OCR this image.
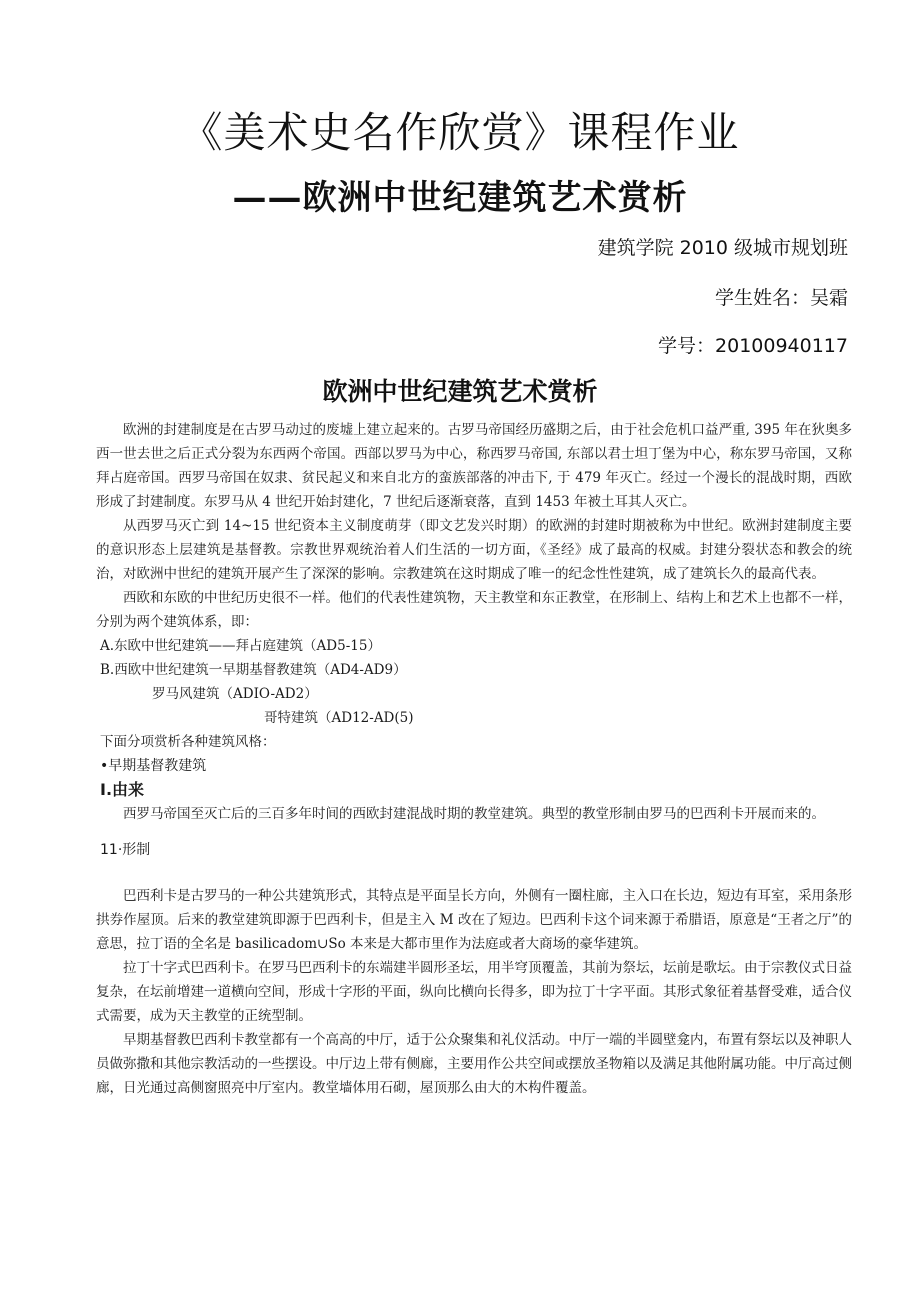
《美术史名作欣赏》课程作业
——欧洲中世纪建筑艺术赏析
建筑学院 2010 级城市规划班
学生姓名：吴霜
学号：20100940117
欧洲中世纪建筑艺术赏析

欧洲的封建制度是在古罗马动过的废墟上建立起来的。古罗马帝国经历盛期之后，由于社会危机口益严重, 395 年在狄奥多西一世去世之后正式分裂为东西两个帝国。西部以罗马为中心，称西罗马帝国, 东部以君士坦丁堡为中心，称东罗马帝国，又称拜占庭帝国。西罗马帝国在奴隶、贫民起义和来自北方的蛮族部落的冲击下, 于 479 年灭亡。经过一个漫长的混战时期，西欧形成了封建制度。东罗马从 4 世纪开始封建化，7 世纪后逐渐衰落，直到 1453 年被土耳其人灭亡。

从西罗马灭亡到 14~15 世纪资本主义制度萌芽（即文艺发兴时期）的欧洲的封建时期被称为中世纪。欧洲封建制度主要的意识形态上层建筑是基督教。宗教世界观统治着人们生活的一切方面，《圣经》成了最高的权威。封建分裂状态和教会的统治，对欧洲中世纪的建筑开展产生了深深的影响。宗教建筑在这时期成了唯一的纪念性性建筑，成了建筑长久的最高代表。

西欧和东欧的中世纪历史很不一样。他们的代表性建筑物，天主教堂和东正教堂，在形制上、结构上和艺术上也都不一样，分别为两个建筑体系，即：

A.东欧中世纪建筑——拜占庭建筑（AD5-15）

B.西欧中世纪建筑一早期基督教建筑（AD4-AD9）

罗马风建筑（ADIO-AD2）

哥特建筑（AD12-AD(5)

下面分项赏析各种建筑风格：

•早期基督教建筑

I.由来

西罗马帝国至灭亡后的三百多年时间的西欧封建混战时期的教堂建筑。典型的教堂形制由罗马的巴西利卡开展而来的。

11·形制

巴西利卡是古罗马的一种公共建筑形式，其特点是平面呈长方向，外侧有一圈柱廊，主入口在长边，短边有耳室，采用条形拱券作屋顶。后来的教堂建筑即源于巴西利卡，但是主入 M 改在了短边。巴西利卡这个词来源于希腊语，原意是“王者之厅”的意思，拉丁语的全名是 basilicadom∪So 本来是大都市里作为法庭或者大商场的豪华建筑。

拉丁十字式巴西利卡。在罗马巴西利卡的东端建半圆形圣坛，用半穹顶覆盖，其前为祭坛，坛前是歌坛。由于宗教仪式日益复杂，在坛前增建一道横向空间，形成十字形的平面，纵向比横向长得多，即为拉丁十字平面。其形式象征着基督受难，适合仪式需要，成为天主教堂的正统型制。

早期基督教巴西利卡教堂都有一个高高的中厅，适于公众聚集和礼仪活动。中厅一端的半圆壁龛内，布置有祭坛以及神职人员做弥撒和其他宗教活动的一些摆设。中厅边上带有侧廊，主要用作公共空间或摆放圣物箱以及满足其他附属功能。中厅高过侧廊，日光通过高侧窗照亮中厅室内。教堂墙体用石砌，屋顶那么由大的木构件覆盖。
